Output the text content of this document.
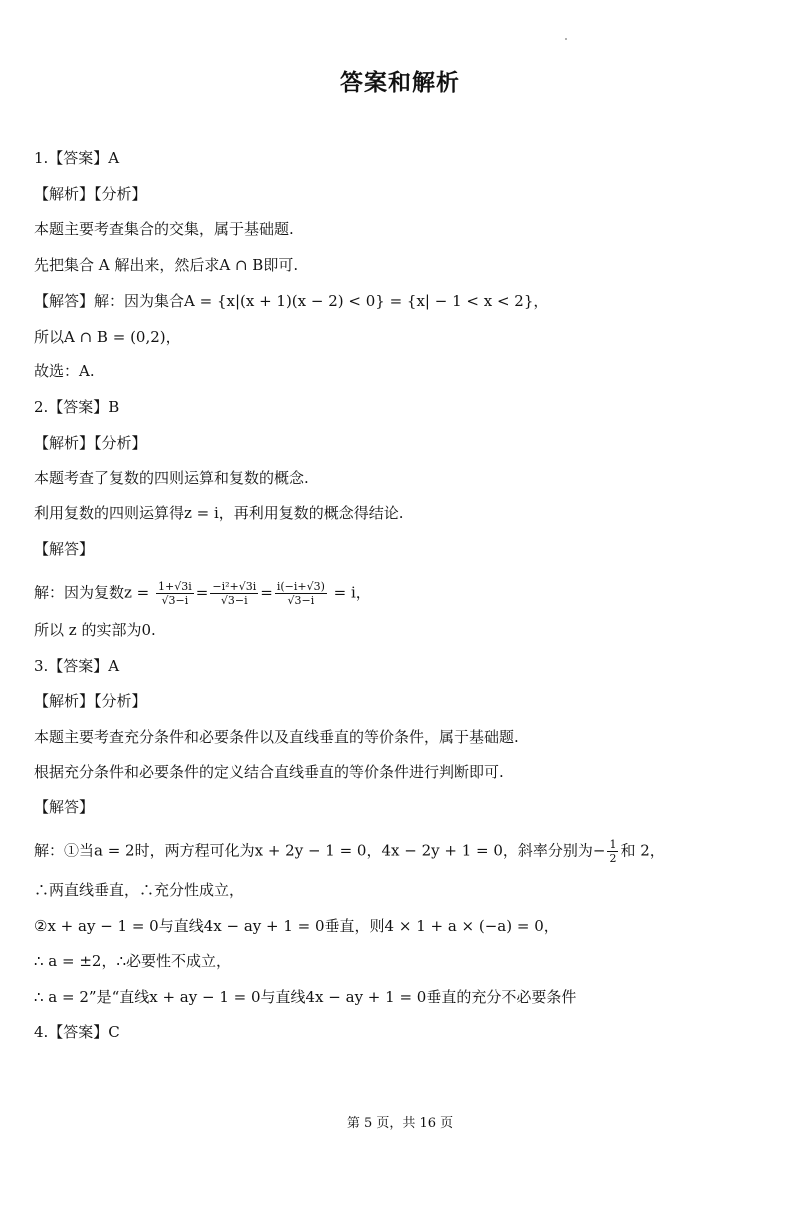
答案和解析
1.【答案】A
【解析】【分析】
本题主要考查集合的交集，属于基础题.
先把集合 A 解出来，然后求A ∩ B即可.
【解答】解：因为集合A = {x|(x + 1)(x − 2) < 0} = {x| − 1 < x < 2}，
所以A ∩ B = (0,2)，
故选：A.
2.【答案】B
【解析】【分析】
本题考查了复数的四则运算和复数的概念.
利用复数的四则运算得z = i，再利用复数的概念得结论.
【解答】
解：因为复数$z = \frac{1+√3i}{√3-i} = \frac{\text{−i²+√3i}}{√3-i} = \frac{i(-i+√3)}{√3-i} = i$，
所以 z 的实部为0.
3.【答案】A
【解析】【分析】
本题主要考查充分条件和必要条件以及直线垂直的等价条件，属于基础题.
根据充分条件和必要条件的定义结合直线垂直的等价条件进行判断即可.
【解答】
解：①当a = 2时，两方程可化为x + 2y − 1 = 0，4x − 2y + 1 = 0，斜率分别为− $\frac{1}{2}$ 和 2，
∴两直线垂直，∴充分性成立，
②x + ay − 1 = 0与直线4x − ay + 1 = 0垂直，则4 × 1 + a × (−a) = 0，
∴ a = ±2，∴必要性不成立，
∴ a = 2”是“直线x + ay − 1 = 0与直线4x − ay + 1 = 0垂直的充分不必要条件
4.【答案】C
第 5 页，共 16 页
